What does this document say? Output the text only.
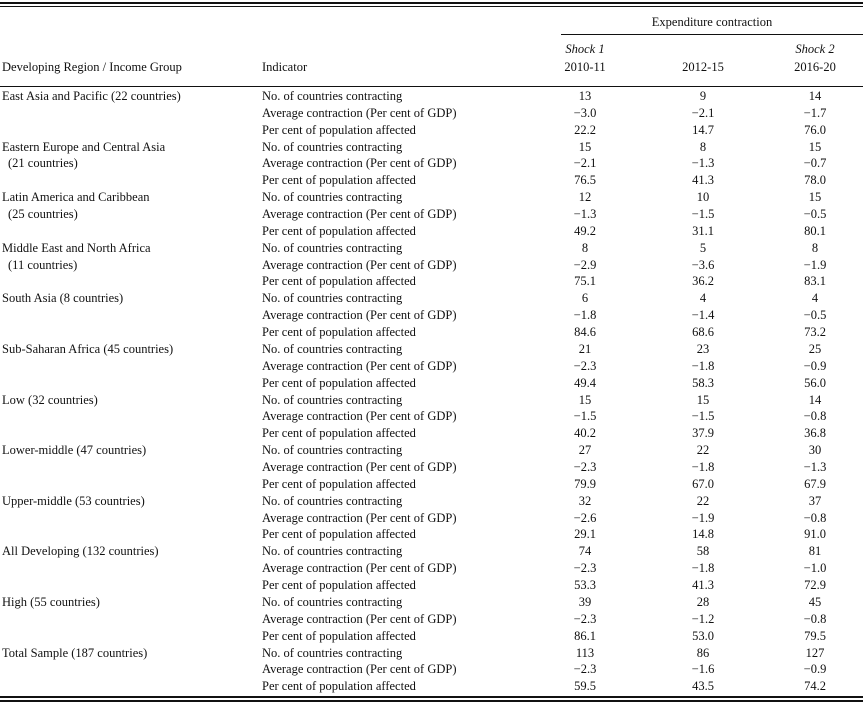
Expenditure contraction
Shock 1	Shock 2
Developing Region / Income Group	Indicator	2010-11	2012-15	2016-20
East Asia and Pacific (22 countries)	No. of countries contracting	13	9	14
Average contraction (Per cent of GDP)	−3.0	−2.1	−1.7
Per cent of population affected	22.2	14.7	76.0
Eastern Europe and Central Asia
(21 countries)
No. of countries contracting	15	8	15
Average contraction (Per cent of GDP)	−2.1	−1.3	−0.7
Per cent of population affected	76.5	41.3	78.0
Latin America and Caribbean
(25 countries)
No. of countries contracting	12	10	15
Average contraction (Per cent of GDP)	−1.3	−1.5	−0.5
Per cent of population affected	49.2	31.1	80.1
Middle East and North Africa
(11 countries)
No. of countries contracting	8	5	8
Average contraction (Per cent of GDP)	−2.9	−3.6	−1.9
Per cent of population affected	75.1	36.2	83.1
South Asia (8 countries)	No. of countries contracting	6	4	4
Average contraction (Per cent of GDP)	−1.8	−1.4	−0.5
Per cent of population affected	84.6	68.6	73.2
Sub-Saharan Africa (45 countries)	No. of countries contracting	21	23	25
Average contraction (Per cent of GDP)	−2.3	−1.8	−0.9
Per cent of population affected	49.4	58.3	56.0
Low (32 countries)	No. of countries contracting	15	15	14
Average contraction (Per cent of GDP)	−1.5	−1.5	−0.8
Per cent of population affected	40.2	37.9	36.8
Lower-middle (47 countries)	No. of countries contracting	27	22	30
Average contraction (Per cent of GDP)	−2.3	−1.8	−1.3
Per cent of population affected	79.9	67.0	67.9
Upper-middle (53 countries)	No. of countries contracting	32	22	37
Average contraction (Per cent of GDP)	−2.6	−1.9	−0.8
Per cent of population affected	29.1	14.8	91.0
All Developing (132 countries)	No. of countries contracting	74	58	81
Average contraction (Per cent of GDP)	−2.3	−1.8	−1.0
Per cent of population affected	53.3	41.3	72.9
High (55 countries)	No. of countries contracting	39	28	45
Average contraction (Per cent of GDP)	−2.3	−1.2	−0.8
Per cent of population affected	86.1	53.0	79.5
Total Sample (187 countries)	No. of countries contracting	113	86	127
Average contraction (Per cent of GDP)	−2.3	−1.6	−0.9
Per cent of population affected	59.5	43.5	74.2
